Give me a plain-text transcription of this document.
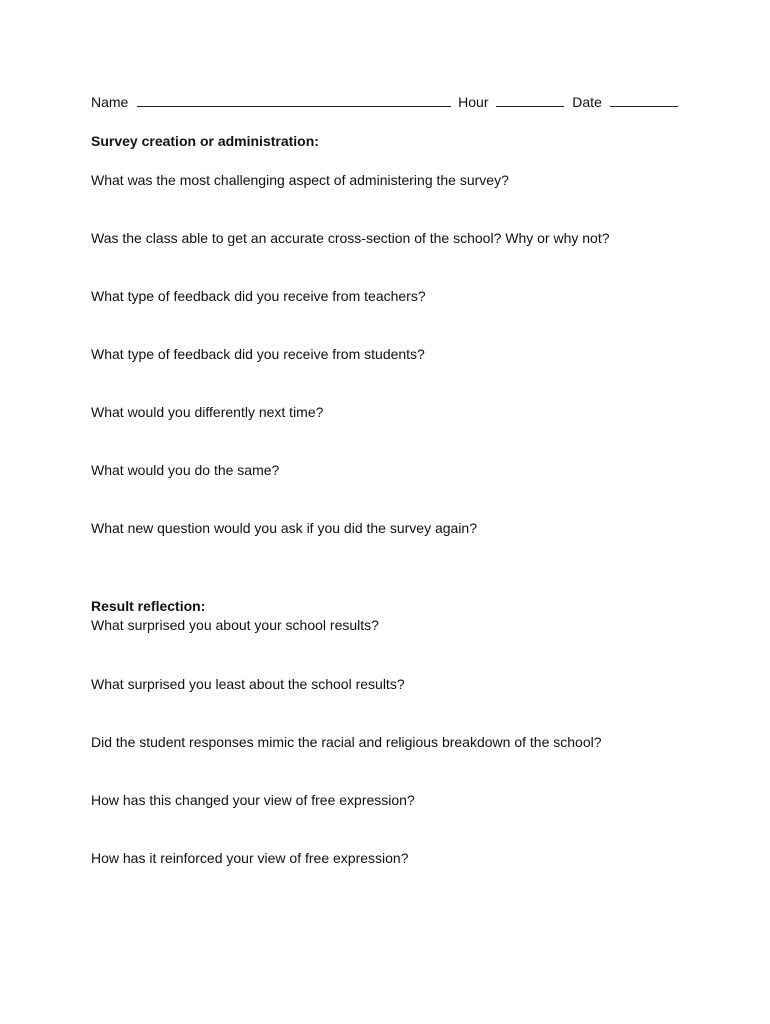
Name	Hour	Date
Survey creation or administration:
What was the most challenging aspect of administering the survey?
Was the class able to get an accurate cross-section of the school? Why or why not?
What type of feedback did you receive from teachers?
What type of feedback did you receive from students?
What would you differently next time?
What would you do the same?
What new question would you ask if you did the survey again?
Result reflection:
What surprised you about your school results?
What surprised you least about the school results?
Did the student responses mimic the racial and religious breakdown of the school?
How has this changed your view of free expression?
How has it reinforced your view of free expression?
